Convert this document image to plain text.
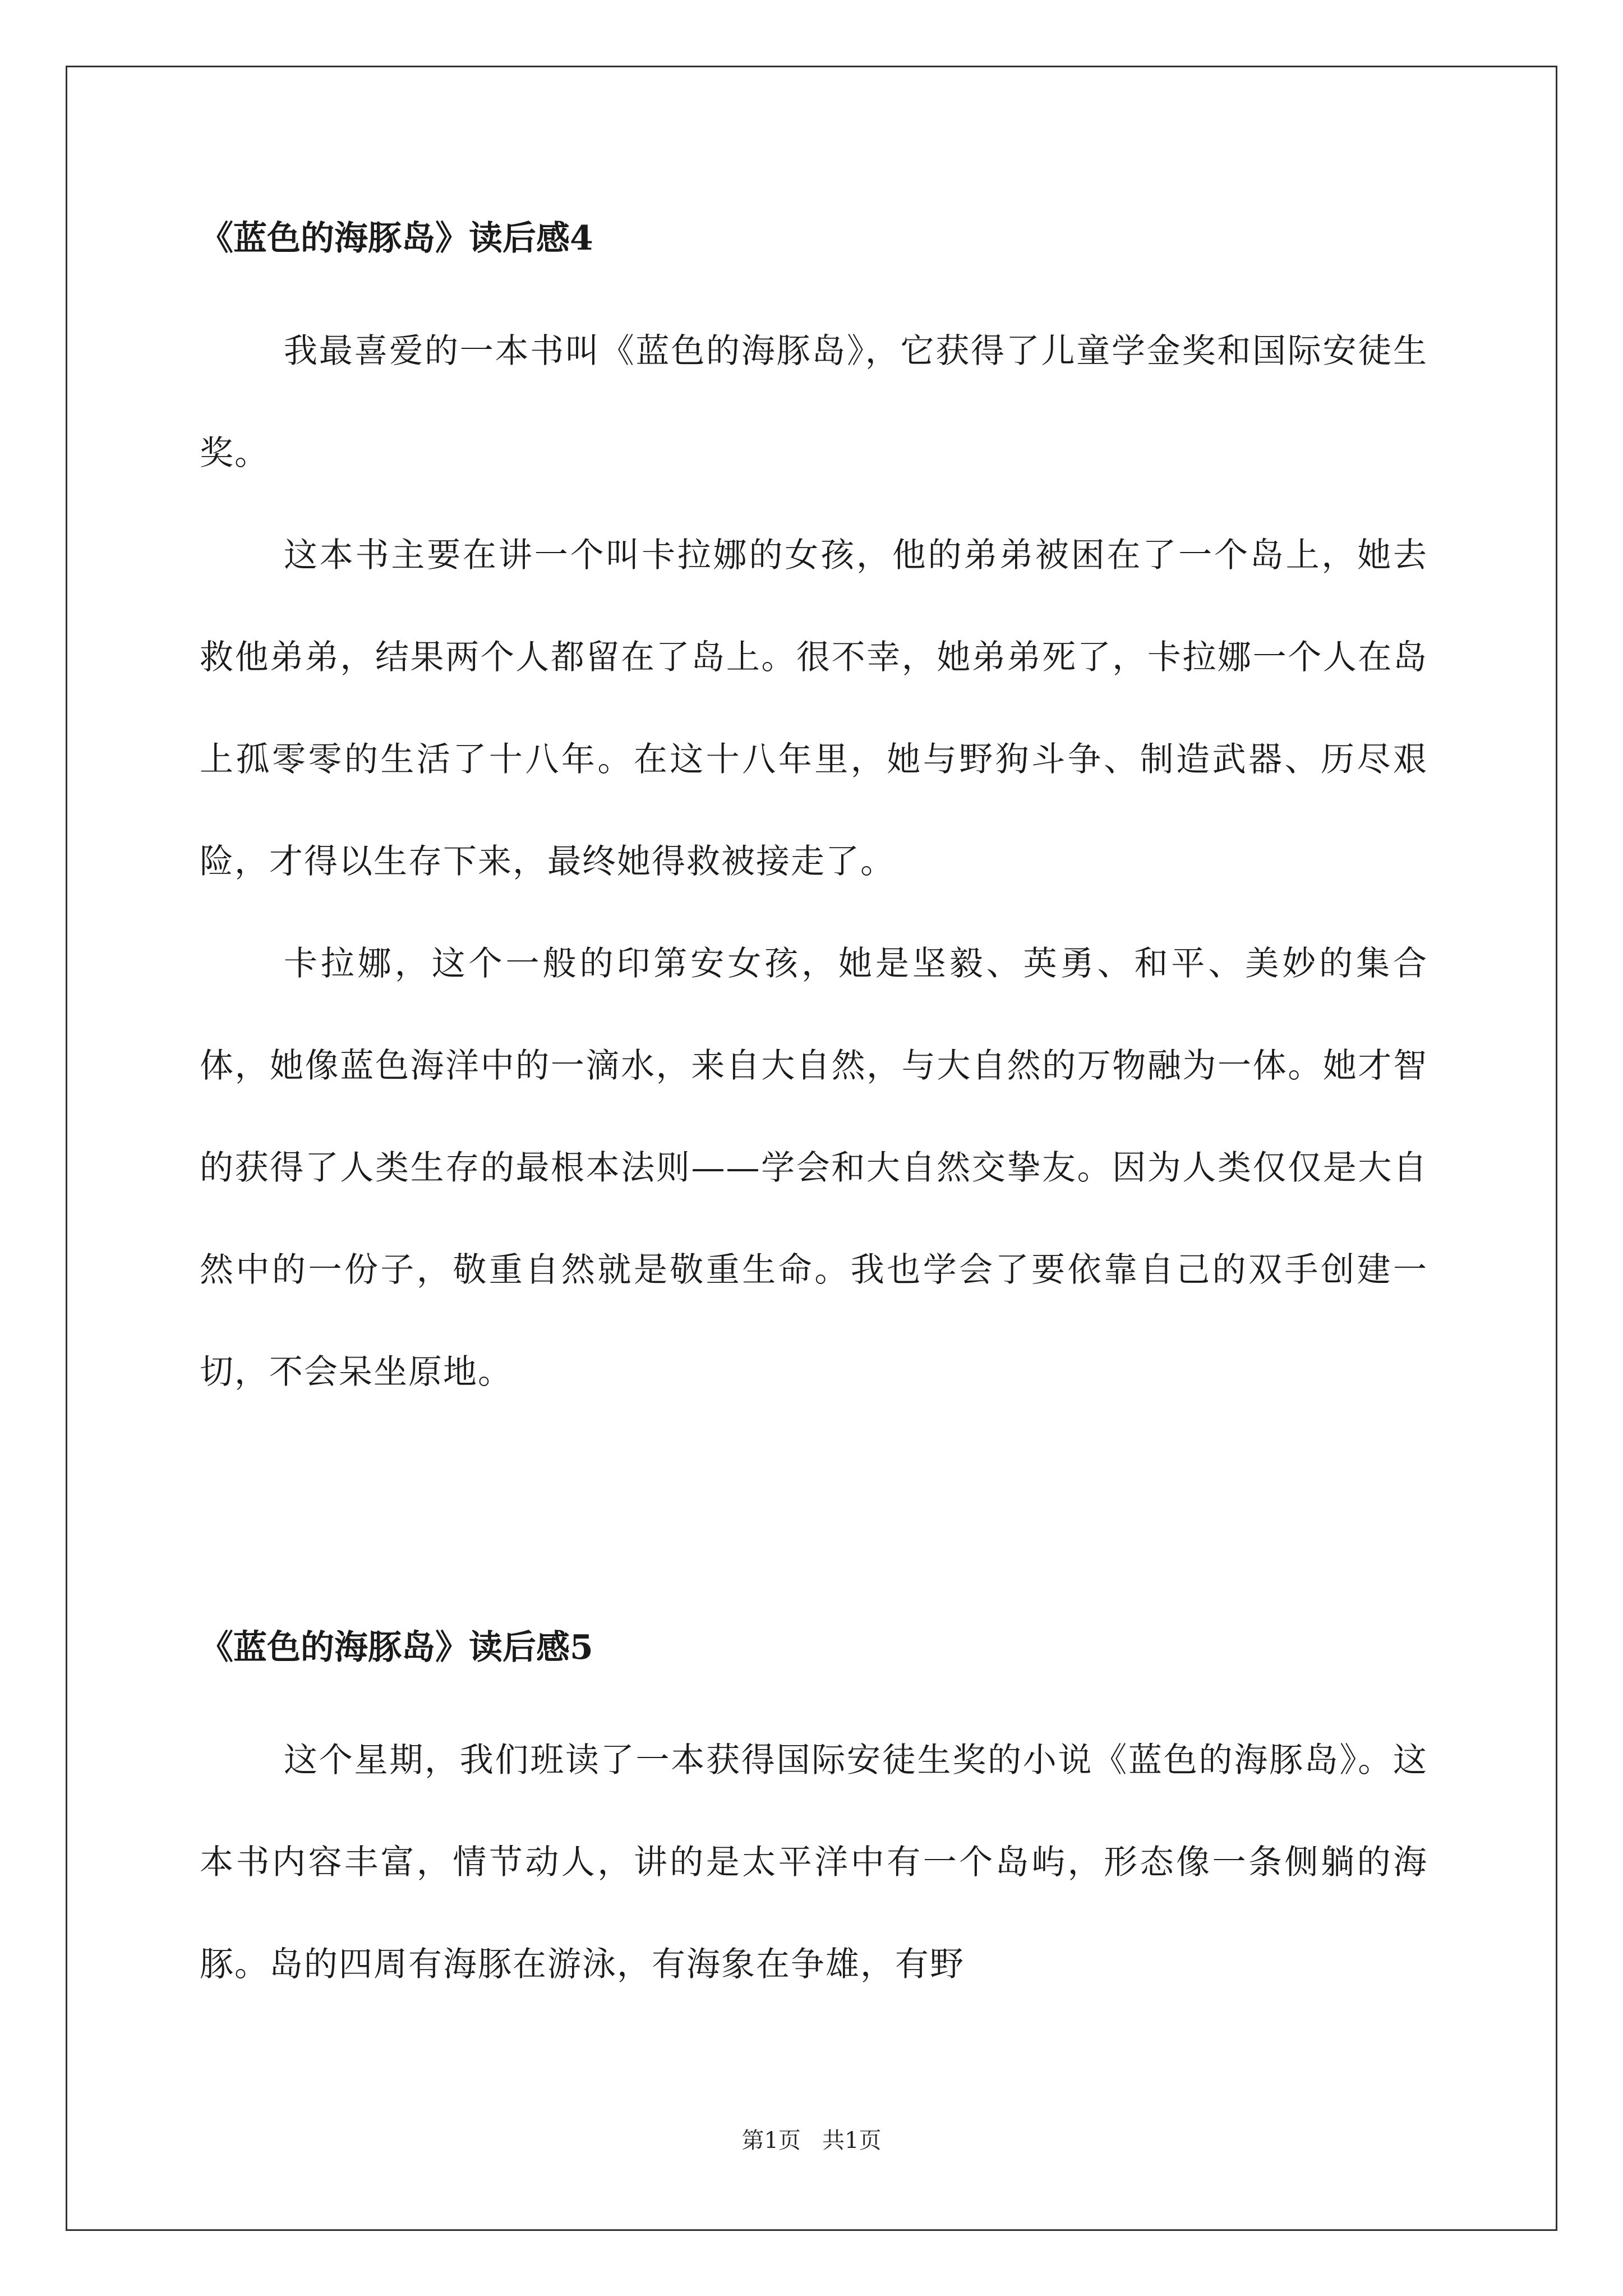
《蓝色的海豚岛》读后感4

我最喜爱的一本书叫《蓝色的海豚岛》，它获得了儿童学金奖和国际安徒生奖。

这本书主要在讲一个叫卡拉娜的女孩，他的弟弟被困在了一个岛上，她去救他弟弟，结果两个人都留在了岛上。很不幸，她弟弟死了，卡拉娜一个人在岛上孤零零的生活了十八年。在这十八年里，她与野狗斗争、制造武器、历尽艰险，才得以生存下来，最终她得救被接走了。

卡拉娜，这个一般的印第安女孩，她是坚毅、英勇、和平、美妙的集合体，她像蓝色海洋中的一滴水，来自大自然，与大自然的万物融为一体。她才智的获得了人类生存的最根本法则——学会和大自然交挚友。因为人类仅仅是大自然中的一份子，敬重自然就是敬重生命。我也学会了要依靠自己的双手创建一切，不会呆坐原地。

《蓝色的海豚岛》读后感5

这个星期，我们班读了一本获得国际安徒生奖的小说《蓝色的海豚岛》。这本书内容丰富，情节动人，讲的是太平洋中有一个岛屿，形态像一条侧躺的海豚。岛的四周有海豚在游泳，有海象在争雄，有野

第1页   共1页
